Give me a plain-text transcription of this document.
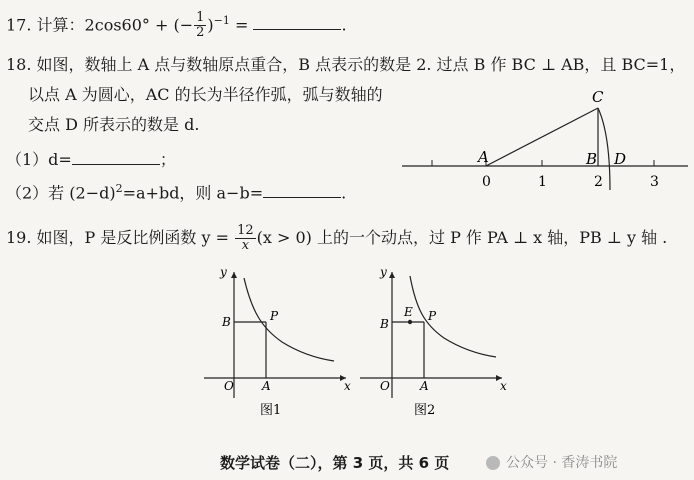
17. 计算：2cos60° + (− $\frac{1}{2} )^{-1}$ =	.
18. 如图，数轴上 A 点与数轴原点重合，B 点表示的数是 2. 过点 B 作 BC ⊥ AB，且 BC=1，
以点 A 为圆心，AC 的长为半径作弧，弧与数轴的
交点 D 所表示的数是 d.
（1）d=	；
（2）若 $(2-d)^2=a+bd$，则 a−b=	.
A	B
C
D
0	1	2	3
19. 如图，P 是反比例函数 $y = \frac{12}{x} (x > 0)$ 上的一个动点，过 P 作 PA ⊥ x 轴，PB ⊥ y 轴 .
y
x
O A
B	P
图1
y
x
O	A
B
E P
图2
数学试卷（二），第 3 页，共 6 页	公众号 · 香涛书院
